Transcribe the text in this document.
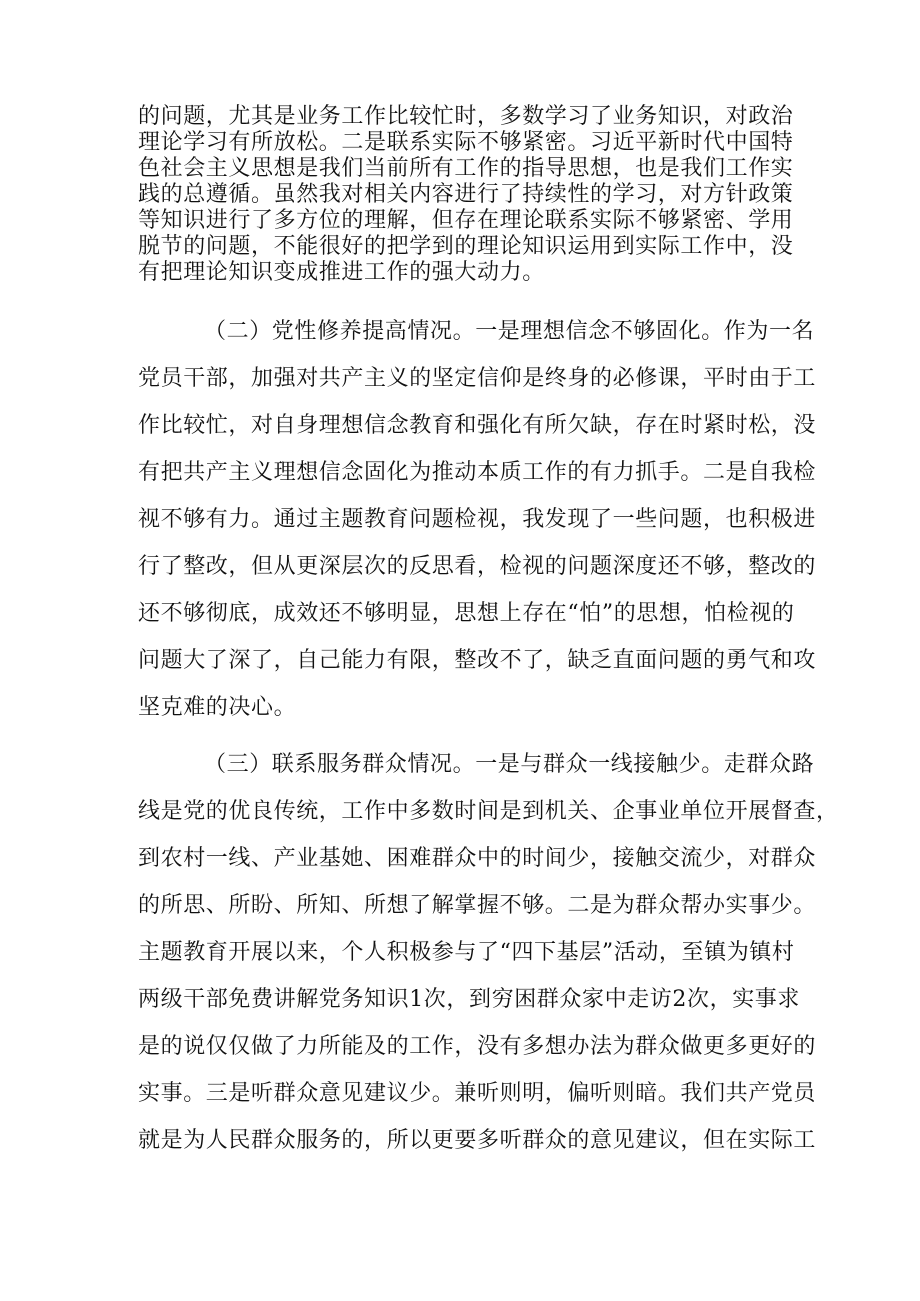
的问题，尤其是业务工作比较忙时，多数学习了业务知识，对政治
理论学习有所放松。二是联系实际不够紧密。习近平新时代中国特
色社会主义思想是我们当前所有工作的指导思想，也是我们工作实
践的总遵循。虽然我对相关内容进行了持续性的学习，对方针政策
等知识进行了多方位的理解，但存在理论联系实际不够紧密、学用
脱节的问题，不能很好的把学到的理论知识运用到实际工作中，没
有把理论知识变成推进工作的强大动力。
（二）党性修养提高情况。一是理想信念不够固化。作为一名
党员干部，加强对共产主义的坚定信仰是终身的必修课，平时由于工
作比较忙，对自身理想信念教育和强化有所欠缺，存在时紧时松，没
有把共产主义理想信念固化为推动本质工作的有力抓手。二是自我检
视不够有力。通过主题教育问题检视，我发现了一些问题，也积极进
行了整改，但从更深层次的反思看，检视的问题深度还不够，整改的
还不够彻底，成效还不够明显，思想上存在“怕”的思想，怕检视的
问题大了深了，自己能力有限，整改不了，缺乏直面问题的勇气和攻
坚克难的决心。
（三）联系服务群众情况。一是与群众一线接触少。走群众路
线是党的优良传统，工作中多数时间是到机关、企事业单位开展督查，
到农村一线、产业基她、困难群众中的时间少，接触交流少，对群众
的所思、所盼、所知、所想了解掌握不够。二是为群众帮办实事少。
主题教育开展以来，个人积极参与了“四下基层”活动，至镇为镇村
两级干部免费讲解党务知识1次，到穷困群众家中走访2次，实事求
是的说仅仅做了力所能及的工作，没有多想办法为群众做更多更好的
实事。三是听群众意见建议少。兼听则明，偏听则暗。我们共产党员
就是为人民群众服务的，所以更要多听群众的意见建议，但在实际工
